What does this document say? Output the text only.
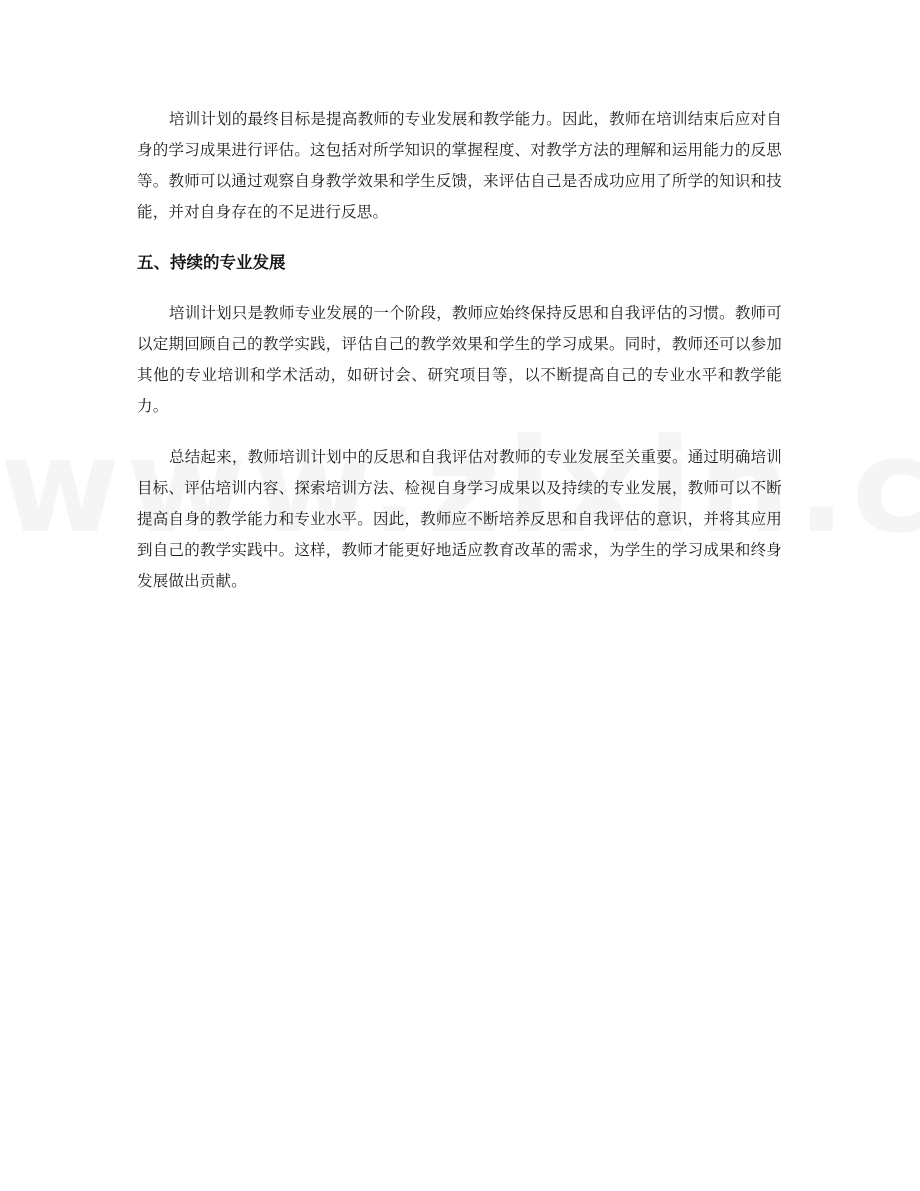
培训计划的最终目标是提高教师的专业发展和教学能力。因此，教师在培训结束后应对自身的学习成果进行评估。这包括对所学知识的掌握程度、对教学方法的理解和运用能力的反思等。教师可以通过观察自身教学效果和学生反馈，来评估自己是否成功应用了所学的知识和技能，并对自身存在的不足进行反思。

五、持续的专业发展

培训计划只是教师专业发展的一个阶段，教师应始终保持反思和自我评估的习惯。教师可以定期回顾自己的教学实践，评估自己的教学效果和学生的学习成果。同时，教师还可以参加其他的专业培训和学术活动，如研讨会、研究项目等，以不断提高自己的专业水平和教学能力。

总结起来，教师培训计划中的反思和自我评估对教师的专业发展至关重要。通过明确培训目标、评估培训内容、探索培训方法、检视自身学习成果以及持续的专业发展，教师可以不断提高自身的教学能力和专业水平。因此，教师应不断培养反思和自我评估的意识，并将其应用到自己的教学实践中。这样，教师才能更好地适应教育改革的需求，为学生的学习成果和终身发展做出贡献。
